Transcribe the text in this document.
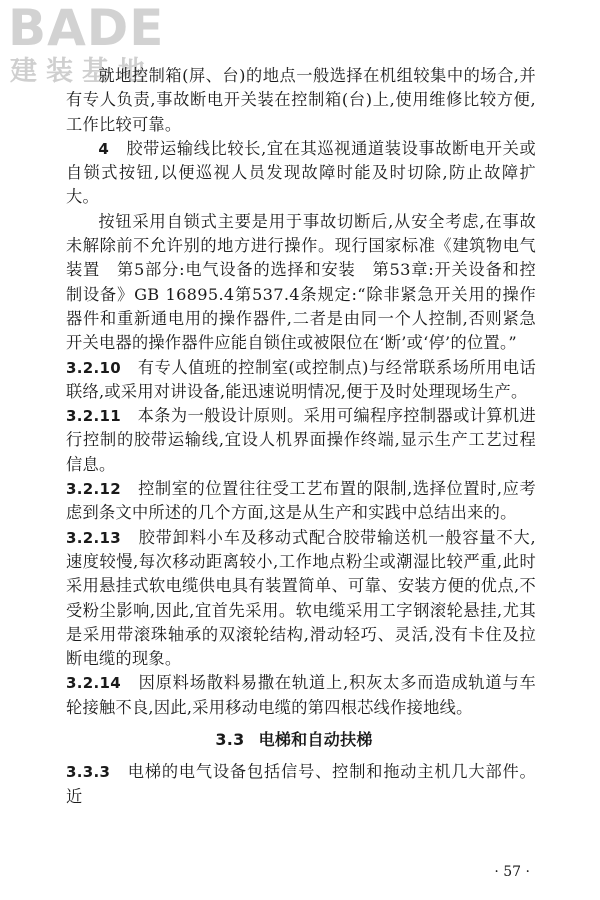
BADE
建装基地

就地控制箱(屏、台)的地点一般选择在机组较集中的场合,并有专人负责,事故断电开关装在控制箱(台)上,使用维修比较方便,工作比较可靠。

4　 胶带运输线比较长,宜在其巡视通道装设事故断电开关或自锁式按钮,以便巡视人员发现故障时能及时切除,防止故障扩大。

按钮采用自锁式主要是用于事故切断后,从安全考虑,在事故未解除前不允许别的地方进行操作。现行国家标准《建筑物电气装置　第5部分:电气设备的选择和安装　第53章:开关设备和控制设备》GB 16895.4第537.4条规定:“除非紧急开关用的操作器件和重新通电用的操作器件,二者是由同一个人控制,否则紧急开关电器的操作器件应能自锁住或被限位在‘断’或‘停’的位置。”

3.2.10　 有专人值班的控制室(或控制点)与经常联系场所用电话联络,或采用对讲设备,能迅速说明情况,便于及时处理现场生产。

3.2.11　 本条为一般设计原则。采用可编程序控制器或计算机进行控制的胶带运输线,宜设人机界面操作终端,显示生产工艺过程信息。

3.2.12　 控制室的位置往往受工艺布置的限制,选择位置时,应考虑到条文中所述的几个方面,这是从生产和实践中总结出来的。

3.2.13　 胶带卸料小车及移动式配合胶带输送机一般容量不大,速度较慢,每次移动距离较小,工作地点粉尘或潮湿比较严重,此时采用悬挂式软电缆供电具有装置简单、可靠、安装方便的优点,不受粉尘影响,因此,宜首先采用。软电缆采用工字钢滚轮悬挂,尤其是采用带滚珠轴承的双滚轮结构,滑动轻巧、灵活,没有卡住及拉断电缆的现象。

3.2.14　 因原料场散料易撒在轨道上,积灰太多而造成轨道与车轮接触不良,因此,采用移动电缆的第四根芯线作接地线。

3.3 电梯和自动扶梯

3.3.3　 电梯的电气设备包括信号、控制和拖动主机几大部件。近

· 57 ·
